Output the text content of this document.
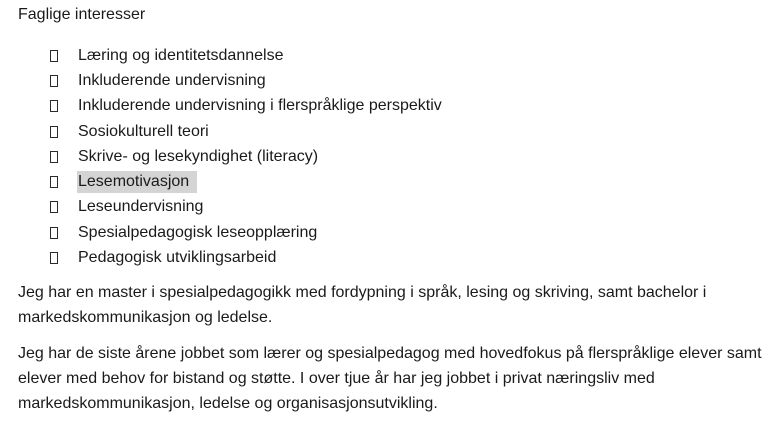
Faglige interesser
Læring og identitetsdannelse
Inkluderende undervisning
Inkluderende undervisning i flerspråklige perspektiv
Sosiokulturell teori
Skrive- og lesekyndighet (literacy)
Lesemotivasjon
Leseundervisning
Spesialpedagogisk leseopplæring
Pedagogisk utviklingsarbeid

Jeg har en master i spesialpedagogikk med fordypning i språk, lesing og skriving, samt bachelor i markedskommunikasjon og ledelse.

Jeg har de siste årene jobbet som lærer og spesialpedagog med hovedfokus på flerspråklige elever samt elever med behov for bistand og støtte. I over tjue år har jeg jobbet i privat næringsliv med markedskommunikasjon, ledelse og organisasjonsutvikling.
